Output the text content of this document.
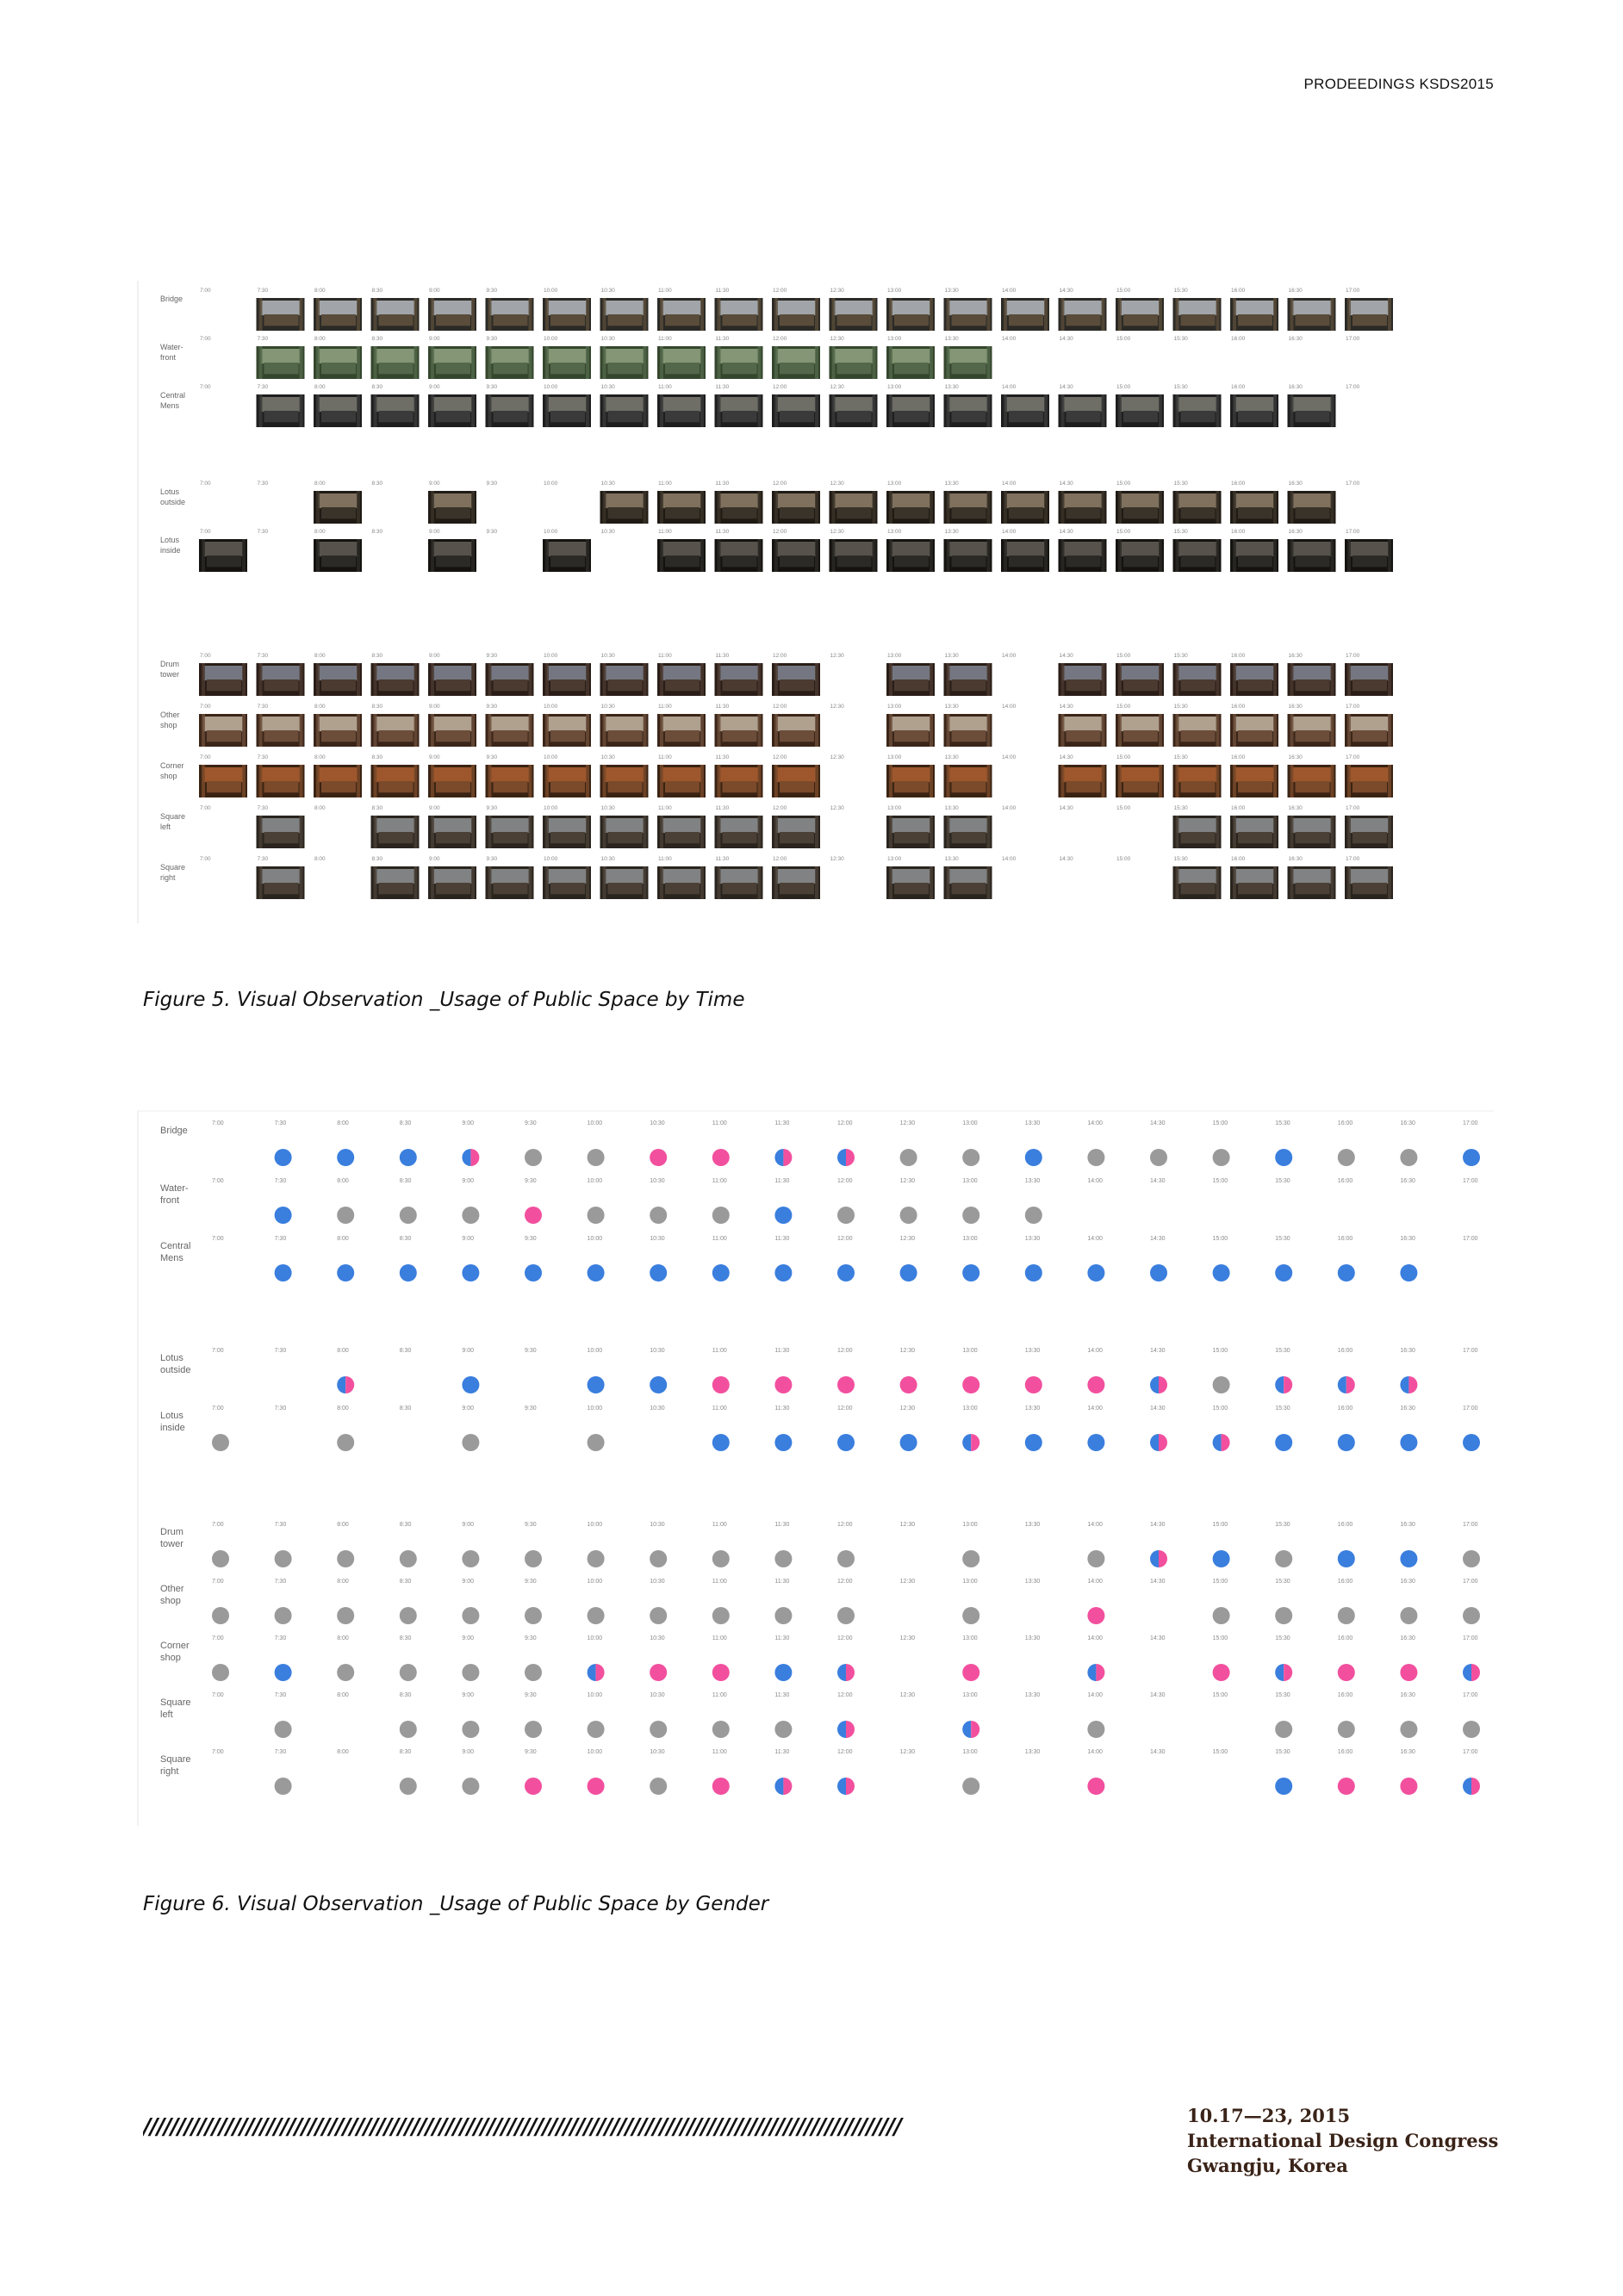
PRODEEDINGS KSDS2015
Bridge
7:00	7:30	8:00	8:30	9:00	9:30	10:00	10:30	11:00	11:30	12:00	12:30	13:00	13:30	14:00	14:30	15:00	15:30	16:00	16:30	17:00
Water-
front
7:00	7:30	8:00	8:30	9:00	9:30	10:00	10:30	11:00	11:30	12:00	12:30	13:00	13:30	14:00	14:30	15:00	15:30	16:00	16:30	17:00
Central
Mens
7:00	7:30	8:00	8:30	9:00	9:30	10:00	10:30	11:00	11:30	12:00	12:30	13:00	13:30	14:00	14:30	15:00	15:30	16:00	16:30	17:00
Lotus
outside
7:00	7:30	8:00	8:30	9:00	9:30	10:00	10:30	11:00	11:30	12:00	12:30	13:00	13:30	14:00	14:30	15:00	15:30	16:00	16:30	17:00
Lotus
inside
7:00	7:30	8:00	8:30	9:00	9:30	10:00	10:30	11:00	11:30	12:00	12:30	13:00	13:30	14:00	14:30	15:00	15:30	16:00	16:30	17:00
Drum
tower
7:00	7:30	8:00	8:30	9:00	9:30	10:00	10:30	11:00	11:30	12:00	12:30	13:00	13:30	14:00	14:30	15:00	15:30	16:00	16:30	17:00
Other
shop
7:00	7:30	8:00	8:30	9:00	9:30	10:00	10:30	11:00	11:30	12:00	12:30	13:00	13:30	14:00	14:30	15:00	15:30	16:00	16:30	17:00
Corner
shop
7:00	7:30	8:00	8:30	9:00	9:30	10:00	10:30	11:00	11:30	12:00	12:30	13:00	13:30	14:00	14:30	15:00	15:30	16:00	16:30	17:00
Square
left
7:00	7:30	8:00	8:30	9:00	9:30	10:00	10:30	11:00	11:30	12:00	12:30	13:00	13:30	14:00	14:30	15:00	15:30	16:00	16:30	17:00
Square
right
7:00	7:30	8:00	8:30	9:00	9:30	10:00	10:30	11:00	11:30	12:00	12:30	13:00	13:30	14:00	14:30	15:00	15:30	16:00	16:30	17:00
Figure 5. Visual Observation _Usage of Public Space by Time
Bridge
7:00	7:30	8:00	8:30	9:00	9:30	10:00	10:30	11:00	11:30	12:00	12:30	13:00	13:30	14:00	14:30	15:00	15:30	16:00	16:30	17:00
Water-
front
7:00	7:30	8:00	8:30	9:00	9:30	10:00	10:30	11:00	11:30	12:00	12:30	13:00	13:30	14:00	14:30	15:00	15:30	16:00	16:30	17:00
Central
Mens
7:00	7:30	8:00	8:30	9:00	9:30	10:00	10:30	11:00	11:30	12:00	12:30	13:00	13:30	14:00	14:30	15:00	15:30	16:00	16:30	17:00
Lotus
outside
7:00	7:30	8:00	8:30	9:00	9:30	10:00	10:30	11:00	11:30	12:00	12:30	13:00	13:30	14:00	14:30	15:00	15:30	16:00	16:30	17:00
Lotus
inside
7:00	7:30	8:00	8:30	9:00	9:30	10:00	10:30	11:00	11:30	12:00	12:30	13:00	13:30	14:00	14:30	15:00	15:30	16:00	16:30	17:00
Drum
tower
7:00	7:30	8:00	8:30	9:00	9:30	10:00	10:30	11:00	11:30	12:00	12:30	13:00	13:30	14:00	14:30	15:00	15:30	16:00	16:30	17:00
Other
shop
7:00	7:30	8:00	8:30	9:00	9:30	10:00	10:30	11:00	11:30	12:00	12:30	13:00	13:30	14:00	14:30	15:00	15:30	16:00	16:30	17:00
Corner
shop
7:00	7:30	8:00	8:30	9:00	9:30	10:00	10:30	11:00	11:30	12:00	12:30	13:00	13:30	14:00	14:30	15:00	15:30	16:00	16:30	17:00
Square
left
7:00	7:30	8:00	8:30	9:00	9:30	10:00	10:30	11:00	11:30	12:00	12:30	13:00	13:30	14:00	14:30	15:00	15:30	16:00	16:30	17:00
Square
right
7:00	7:30	8:00	8:30	9:00	9:30	10:00	10:30	11:00	11:30	12:00	12:30	13:00	13:30	14:00	14:30	15:00	15:30	16:00	16:30	17:00
Figure 6. Visual Observation _Usage of Public Space by Gender
//////////////////////////////////////////////////////////////////////////////////////////////////////////////	10.17—23, 2015
International Design Congress
Gwangju, Korea
